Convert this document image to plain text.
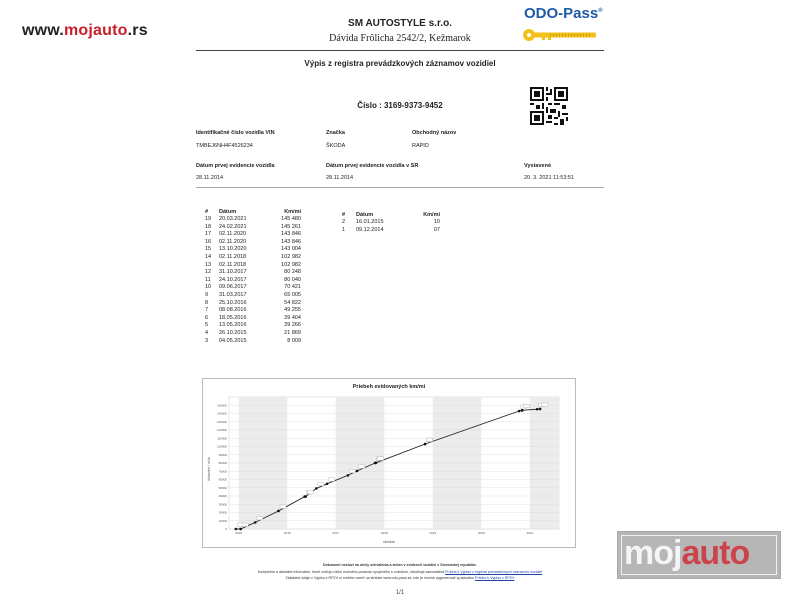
www.mojauto.rs	SM AUTOSTYLE s.r.o.
Dávida Frôlicha 2542/2, Kežmarok
ODO-Pass®
Výpis z registra prevádzkových záznamov vozidiel
Číslo : 3169-9373-9452
Identifikačné číslo vozidla VIN
TMBEJ6NH4F4526234
Značka
ŠKODA
Obchodný názov
RAPID
Dátum prvej evidencie vozidla
28.11.2014
Dátum prvej evidencie vozidla v SR
28.11.2014
Vystavené
20. 3. 2021 11:53:51
#	Dátum	Km/mi
19	20.03.2021	145 480
18	24.02.2021	145 261
17	02.11.2020	143 846
16	02.11.2020	143 846
15	13.10.2020	143 004
14	02.11.2018	102 982
13	02.11.2018	102 982
12	31.10.2017	80 248
11	24.10.2017	80 040
10	09.06.2017	70 421
9	31.03.2017	65 005
8	25.10.2016	54 822
7	08.08.2016	49 255
6	18.05.2016	39 404
5	13.05.2016	39 266
4	26.10.2015	21 869
3	04.05.2015	8 009
#	Dátum	Km/mi
2	16.01.2015	10
1	09.12.2014	07
Priebeh evidovaných km/mi
0
10000
20000
30000
40000
50000
60000
70000
80000
90000
100000
110000
120000
130000
140000
150000
2015	2016	2017	2018	2019	2020	2021
obdobie
kilometre / míle
Dokument nesluží na účely schválenia a zmien v evidencii vozidiel v Slovenskej republike.
Kompletné a aktuálne informácie, ktoré znížujú riziko možného podvodu spojeného s vozidlom, obsahuje samostatná Príloha k Výpisu z registra prevádzkových záznamov vozidiel
Základné údaje z Výpisu z RPZV si môžete overiť na stránke www.odo-pass.sk, kde je možné vygenerovať aj aktuálnu Prílohu k Výpisu z RPZV
1/1
mojauto
